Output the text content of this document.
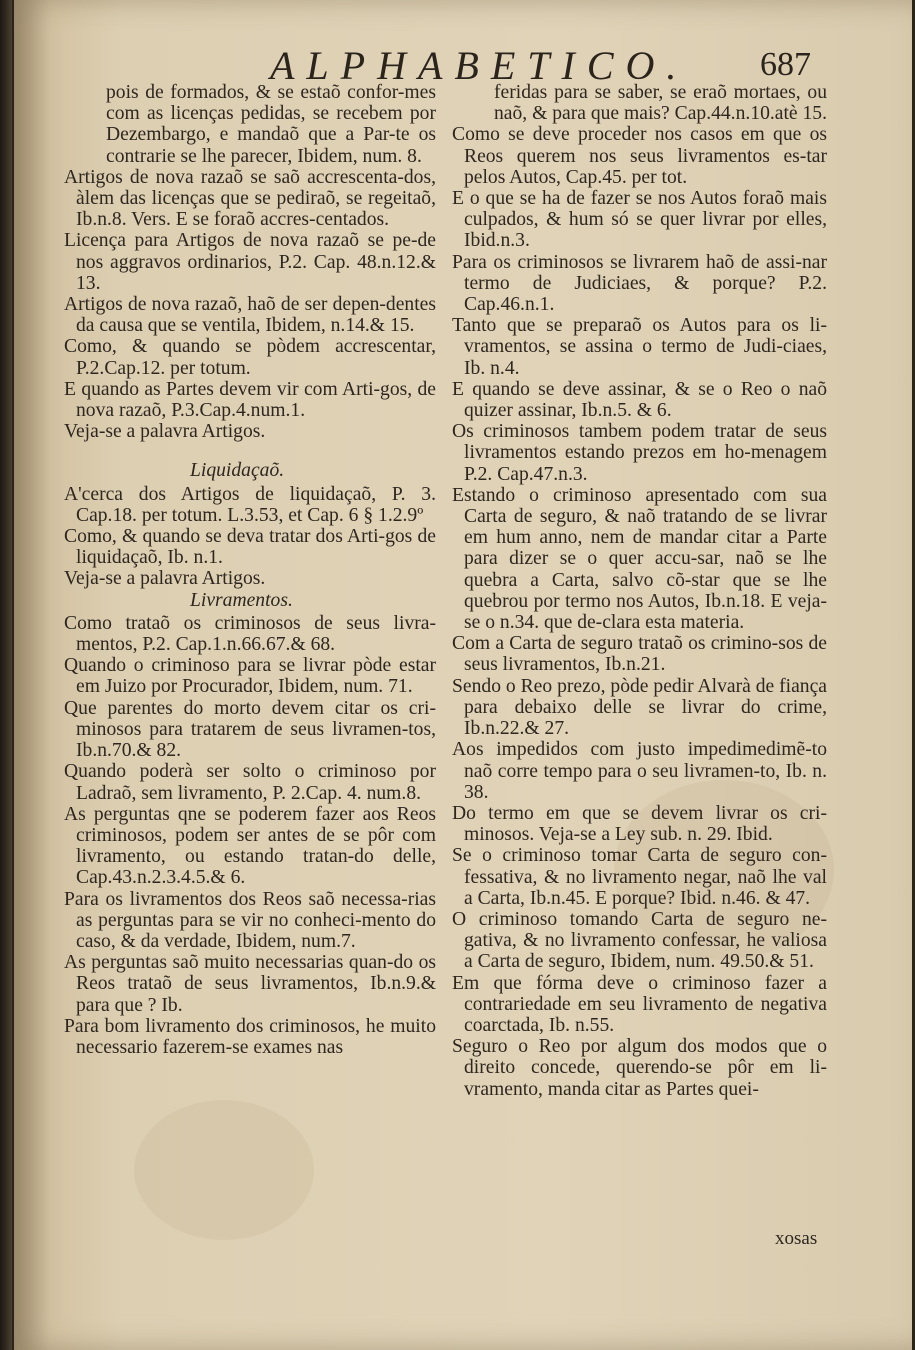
ALPHABETICO.	687

pois de formados, & se estaõ confor-mes com as licenças pedidas, se recebem por Dezembargo, e mandaõ que a Par-te os contrarie se lhe parecer, Ibidem, num. 8.

Artigos de nova razaõ se saõ accrescenta-dos, àlem das licenças que se pediraõ, se regeitaõ, Ib.n.8. Vers. E se foraõ accres-centados.

Licença para Artigos de nova razaõ se pe-de nos aggravos ordinarios, P.2. Cap. 48.n.12.& 13.

Artigos de nova razaõ, haõ de ser depen-dentes da causa que se ventila, Ibidem, n.14.& 15.

Como, & quando se pòdem accrescentar, P.2.Cap.12. per totum.

E quando as Partes devem vir com Arti-gos, de nova razaõ, P.3.Cap.4.num.1.

Veja-se a palavra Artigos.

Liquidaçaõ.

A'cerca dos Artigos de liquidaçaõ, P. 3. Cap.18. per totum. L.3.53, et Cap. 6 § 1.2.9º

Como, & quando se deva tratar dos Arti-gos de liquidaçaõ, Ib. n.1.

Veja-se a palavra Artigos.

Livramentos.

Como trataõ os criminosos de seus livra-mentos, P.2. Cap.1.n.66.67.& 68.

Quando o criminoso para se livrar pòde estar em Juizo por Procurador, Ibidem, num. 71.

Que parentes do morto devem citar os cri-minosos para tratarem de seus livramen-tos, Ib.n.70.& 82.

Quando poderà ser solto o criminoso por Ladraõ, sem livramento, P. 2.Cap. 4. num.8.

As perguntas qne se poderem fazer aos Reos criminosos, podem ser antes de se pôr com livramento, ou estando tratan-do delle, Cap.43.n.2.3.4.5.& 6.

Para os livramentos dos Reos saõ necessa-rias as perguntas para se vir no conheci-mento do caso, & da verdade, Ibidem, num.7.

As perguntas saõ muito necessarias quan-do os Reos trataõ de seus livramentos, Ib.n.9.& para que ? Ib.

Para bom livramento dos criminosos, he muito necessario fazerem-se exames nas

feridas para se saber, se eraõ mortaes, ou naõ, & para que mais? Cap.44.n.10.atè 15.

Como se deve proceder nos casos em que os Reos querem nos seus livramentos es-tar pelos Autos, Cap.45. per tot.

E o que se ha de fazer se nos Autos foraõ mais culpados, & hum só se quer livrar por elles, Ibid.n.3.

Para os criminosos se livrarem haõ de assi-nar termo de Judiciaes, & porque? P.2. Cap.46.n.1.

Tanto que se preparaõ os Autos para os li-vramentos, se assina o termo de Judi-ciaes, Ib. n.4.

E quando se deve assinar, & se o Reo o naõ quizer assinar, Ib.n.5. & 6.

Os criminosos tambem podem tratar de seus livramentos estando prezos em ho-menagem P.2. Cap.47.n.3.

Estando o criminoso apresentado com sua Carta de seguro, & naõ tratando de se livrar em hum anno, nem de mandar citar a Parte para dizer se o quer accu-sar, naõ se lhe quebra a Carta, salvo cõ-star que se lhe quebrou por termo nos Autos, Ib.n.18. E veja-se o n.34. que de-clara esta materia.

Com a Carta de seguro trataõ os crimino-sos de seus livramentos, Ib.n.21.

Sendo o Reo prezo, pòde pedir Alvarà de fiança para debaixo delle se livrar do crime, Ib.n.22.& 27.

Aos impedidos com justo impedimedimẽ-to naõ corre tempo para o seu livramen-to, Ib. n. 38.

Do termo em que se devem livrar os cri-minosos. Veja-se a Ley sub. n. 29. Ibid.

Se o criminoso tomar Carta de seguro con-fessativa, & no livramento negar, naõ lhe val a Carta, Ib.n.45. E porque? Ibid. n.46. & 47.

O criminoso tomando Carta de seguro ne-gativa, & no livramento confessar, he valiosa a Carta de seguro, Ibidem, num. 49.50.& 51.

Em que fórma deve o criminoso fazer a contrariedade em seu livramento de negativa coarctada, Ib. n.55.

Seguro o Reo por algum dos modos que o direito concede, querendo-se pôr em li-vramento, manda citar as Partes quei-

xosas
